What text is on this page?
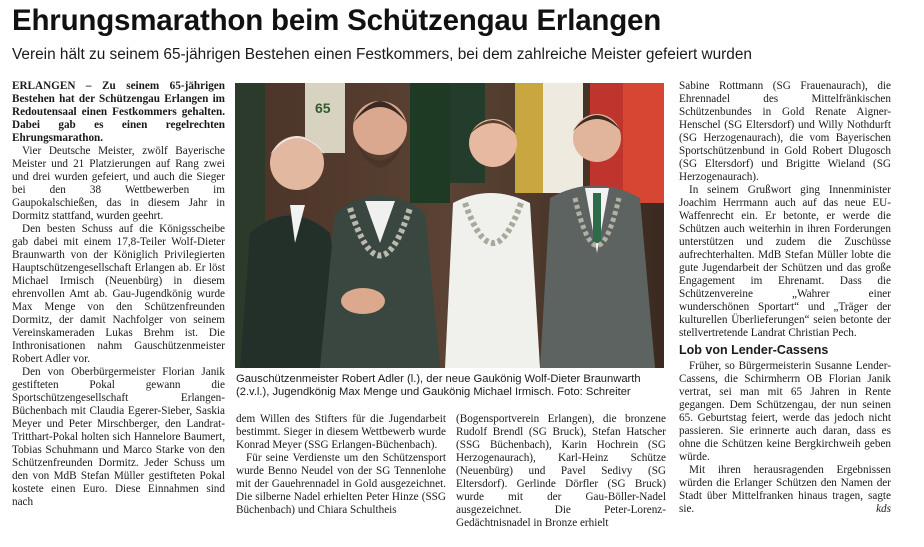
Ehrungsmarathon beim Schützengau Erlangen
Verein hält zu seinem 65-jährigen Bestehen einen Festkommers, bei dem zahlreiche Meister gefeiert wurden

ERLANGEN – Zu seinem 65-jährigen Bestehen hat der Schützengau Erlangen im Redoutensaal einen Festkommers gehalten. Dabei gab es einen regelrechten Ehrungsmarathon.

Vier Deutsche Meister, zwölf Bayerische Meister und 21 Platzierungen auf Rang zwei und drei wurden gefeiert, und auch die Sieger bei den 38 Wettbewerben im Gaupokalschießen, das in diesem Jahr in Dormitz stattfand, wurden geehrt.

Den besten Schuss auf die Königsscheibe gab dabei mit einem 17,8-Teiler Wolf-Dieter Braunwarth von der Königlich Privilegierten Hauptschützengesellschaft Erlangen ab. Er löst Michael Irmisch (Neuenbürg) in diesem ehrenvollen Amt ab. Gau-Jugendkönig wurde Max Menge von den Schützenfreunden Dormitz, der damit Nachfolger von seinem Vereinskameraden Lukas Brehm ist. Die Inthronisationen nahm Gauschützenmeister Robert Adler vor.

Den von Oberbürgermeister Florian Janik gestifteten Pokal gewann die Sportschützengesellschaft Erlangen-Büchenbach mit Claudia Egerer-Sieber, Saskia Meyer und Peter Mirschberger, den Landrat-Tritthart-Pokal holten sich Hannelore Baumert, Tobias Schuhmann und Marco Starke von den Schützenfreunden Dormitz. Jeder Schuss um den von MdB Stefan Müller gestifteten Pokal kostete einen Euro. Diese Einnahmen sind nach

65
Gauschützenmeister Robert Adler (l.), der neue Gaukönig Wolf-Dieter Braunwarth (2.v.l.), Jugendkönig Max Menge und Gaukönig Michael Irmisch. Foto: Schreiter

dem Willen des Stifters für die Jugendarbeit bestimmt. Sieger in diesem Wettbewerb wurde Konrad Meyer (SSG Erlangen-Büchenbach).

Für seine Verdienste um den Schützensport wurde Benno Neudel von der SG Tennenlohe mit der Gauehrennadel in Gold ausgezeichnet. Die silberne Nadel erhielten Peter Hinze (SSG Büchenbach) und Chiara Schultheis

(Bogensportverein Erlangen), die bronzene Rudolf Brendl (SG Bruck), Stefan Hatscher (SSG Büchenbach), Karin Hochrein (SG Herzogenaurach), Karl-Heinz Schütze (Neuenbürg) und Pavel Sedivy (SG Eltersdorf). Gerlinde Dörfler (SG Bruck) wurde mit der Gau-Böller-Nadel ausgezeichnet. Die Peter-Lorenz-Gedächtnisnadel in Bronze erhielt

Sabine Rottmann (SG Frauenaurach), die Ehrennadel des Mittelfränkischen Schützenbundes in Gold Renate Aigner-Henschel (SG Eltersdorf) und Willy Nothdurft (SG Herzogenaurach), die vom Bayerischen Sportschützenbund in Gold Robert Dlugosch (SG Eltersdorf) und Brigitte Wieland (SG Herzogenaurach).

In seinem Grußwort ging Innenminister Joachim Herrmann auch auf das neue EU-Waffenrecht ein. Er betonte, er werde die Schützen auch weiterhin in ihren Forderungen unterstützen und zudem die Zuschüsse aufrechterhalten. MdB Stefan Müller lobte die gute Jugendarbeit der Schützen und das große Engagement im Ehrenamt. Dass die Schützenvereine „Wahrer einer wunderschönen Sportart“ und „Träger der kulturellen Überlieferungen“ seien betonte der stellvertretende Landrat Christian Pech.

Lob von Lender-Cassens

Früher, so Bürgermeisterin Susanne Lender-Cassens, die Schirmherrn OB Florian Janik vertrat, sei man mit 65 Jahren in Rente gegangen. Dem Schützengau, der nun seinen 65. Geburtstag feiert, werde das jedoch nicht passieren. Sie erinnerte auch daran, dass es ohne die Schützen keine Bergkirchweih geben würde.

Mit ihren herausragenden Ergebnissen würden die Erlanger Schützen den Namen der Stadt über Mittelfranken hinaus tragen, sagte sie.	kds
